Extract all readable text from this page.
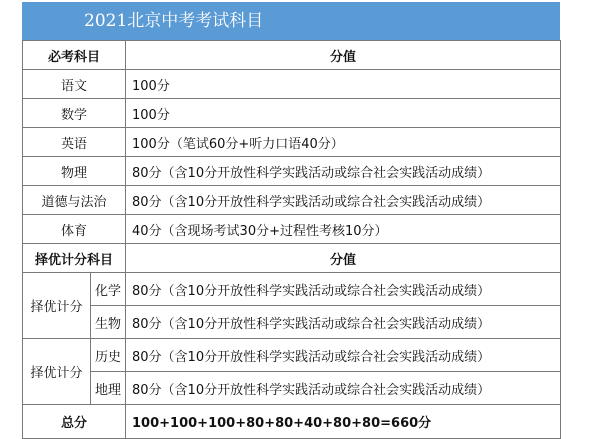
2021北京中考考试科目
必考科目		分值
语文		100分
数学		100分
英语		100分（笔试60分+听力口语40分）
物理		80分（含10分开放性科学实践活动或综合社会实践活动成绩）
道德与法治		80分（含10分开放性科学实践活动或综合社会实践活动成绩）
体育		40分（含现场考试30分+过程性考核10分）
择优计分科目		分值
择优计分	化学	80分（含10分开放性科学实践活动或综合社会实践活动成绩）
	生物	80分（含10分开放性科学实践活动或综合社会实践活动成绩）
择优计分	历史	80分（含10分开放性科学实践活动或综合社会实践活动成绩）
	地理	80分（含10分开放性科学实践活动或综合社会实践活动成绩）
总分		100+100+100+80+80+40+80+80=660分
